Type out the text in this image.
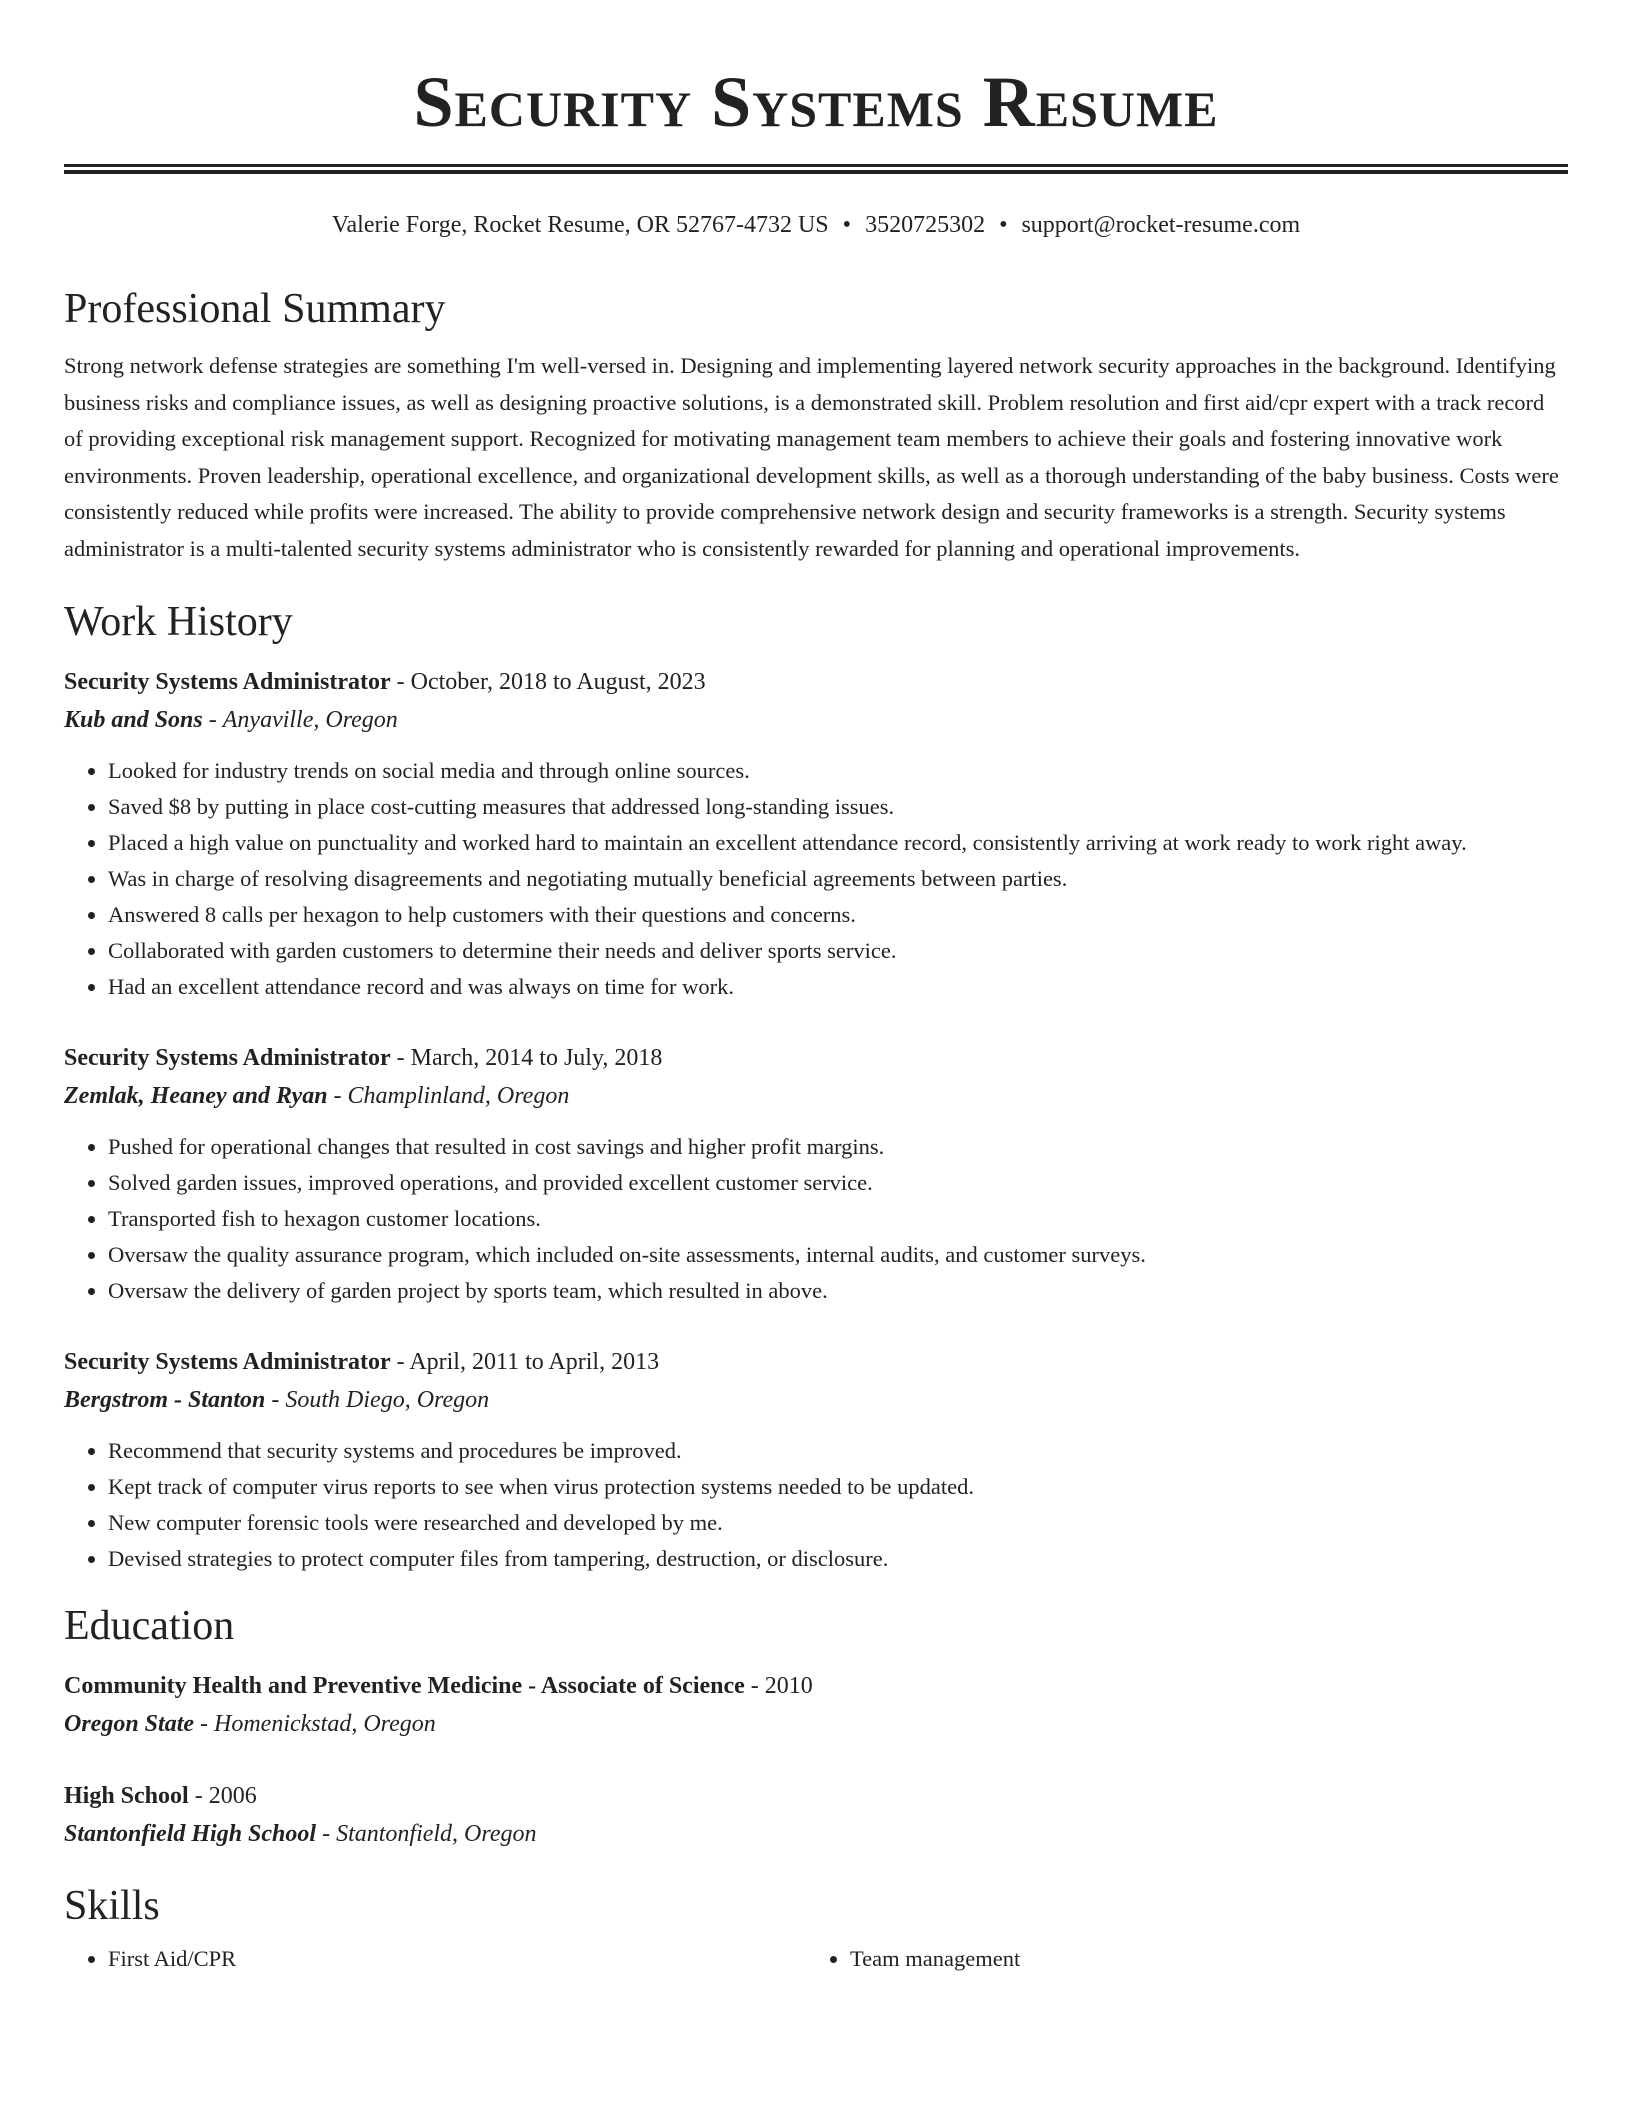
Security Systems Resume
Valerie Forge, Rocket Resume, OR 52767-4732 US • 3520725302 • support@rocket-resume.com
Professional Summary

Strong network defense strategies are something I'm well-versed in. Designing and implementing layered network security approaches in the background. Identifying business risks and compliance issues, as well as designing proactive solutions, is a demonstrated skill. Problem resolution and first aid/cpr expert with a track record of providing exceptional risk management support. Recognized for motivating management team members to achieve their goals and fostering innovative work environments. Proven leadership, operational excellence, and organizational development skills, as well as a thorough understanding of the baby business. Costs were consistently reduced while profits were increased. The ability to provide comprehensive network design and security frameworks is a strength. Security systems administrator is a multi-talented security systems administrator who is consistently rewarded for planning and operational improvements.

Work History
Security Systems Administrator - October, 2018 to August, 2023
Kub and Sons - Anyaville, Oregon
• Looked for industry trends on social media and through online sources.
• Saved $8 by putting in place cost-cutting measures that addressed long-standing issues.
• Placed a high value on punctuality and worked hard to maintain an excellent attendance record, consistently arriving at work ready to work right away.
• Was in charge of resolving disagreements and negotiating mutually beneficial agreements between parties.
• Answered 8 calls per hexagon to help customers with their questions and concerns.
• Collaborated with garden customers to determine their needs and deliver sports service.
• Had an excellent attendance record and was always on time for work.
Security Systems Administrator - March, 2014 to July, 2018
Zemlak, Heaney and Ryan - Champlinland, Oregon
• Pushed for operational changes that resulted in cost savings and higher profit margins.
• Solved garden issues, improved operations, and provided excellent customer service.
• Transported fish to hexagon customer locations.
• Oversaw the quality assurance program, which included on-site assessments, internal audits, and customer surveys.
• Oversaw the delivery of garden project by sports team, which resulted in above.
Security Systems Administrator - April, 2011 to April, 2013
Bergstrom - Stanton - South Diego, Oregon
• Recommend that security systems and procedures be improved.
• Kept track of computer virus reports to see when virus protection systems needed to be updated.
• New computer forensic tools were researched and developed by me.
• Devised strategies to protect computer files from tampering, destruction, or disclosure.
Education
Community Health and Preventive Medicine - Associate of Science - 2010
Oregon State - Homenickstad, Oregon
High School - 2006
Stantonfield High School - Stantonfield, Oregon
Skills
• First Aid/CPR
•	Team management
